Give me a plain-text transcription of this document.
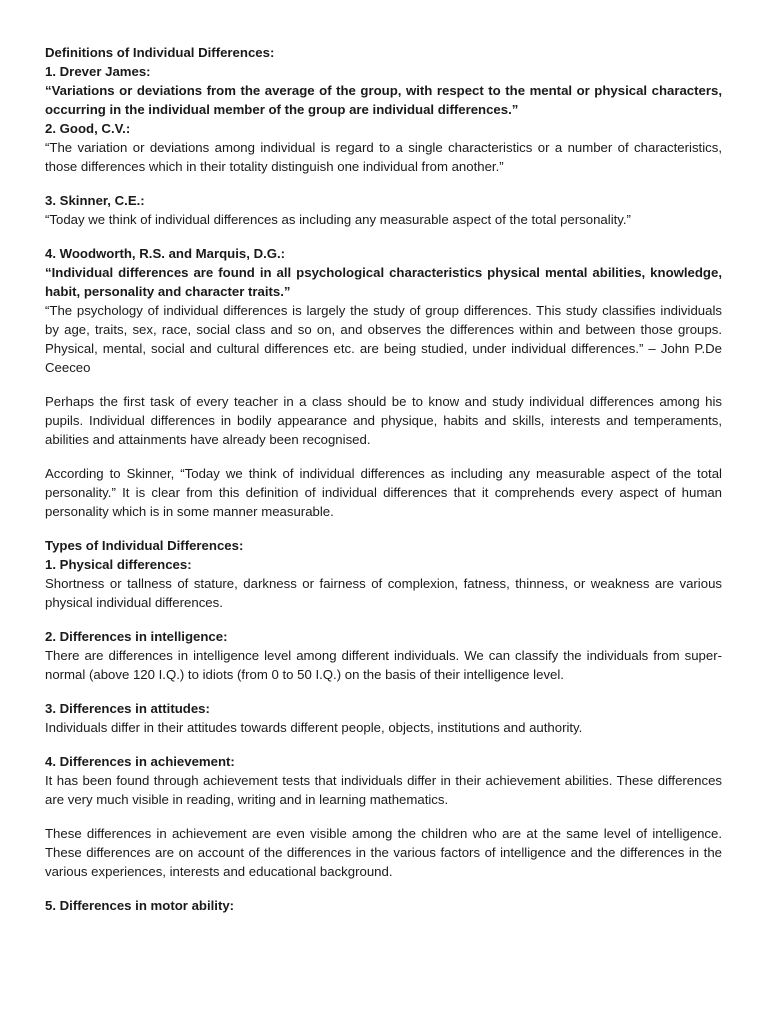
Definitions of Individual Differences:

1. Drever James:

“Variations or deviations from the average of the group, with respect to the mental or physical characters, occurring in the individual member of the group are individual differences.”

2. Good, C.V.:

“The variation or deviations among individual is regard to a single characteristics or a number of characteristics, those differences which in their totality distinguish one individual from another.”

3. Skinner, C.E.:

“Today we think of individual differences as including any measurable aspect of the total personality.”

4. Woodworth, R.S. and Marquis, D.G.:

“Individual differences are found in all psychological characteristics physical mental abilities, knowledge, habit, personality and character traits.”

“The psychology of individual differences is largely the study of group differences. This study classifies individuals by age, traits, sex, race, social class and so on, and observes the differences within and between those groups. Physical, mental, social and cultural differences etc. are being studied, under individual differences.” – John P.De Ceeceo

Perhaps the first task of every teacher in a class should be to know and study individual differences among his pupils. Individual differences in bodily appearance and physique, habits and skills, interests and temperaments, abilities and attainments have already been recognised.

According to Skinner, “Today we think of individual differences as including any measurable aspect of the total personality.” It is clear from this definition of individual differences that it comprehends every aspect of human personality which is in some manner measurable.

Types of Individual Differences:

1. Physical differences:

Shortness or tallness of stature, darkness or fairness of complexion, fatness, thinness, or weakness are various physical individual differences.

2. Differences in intelligence:

There are differences in intelligence level among different individuals. We can classify the individuals from super-normal (above 120 I.Q.) to idiots (from 0 to 50 I.Q.) on the basis of their intelligence level.

3. Differences in attitudes:

Individuals differ in their attitudes towards different people, objects, institutions and authority.

4. Differences in achievement:

It has been found through achievement tests that individuals differ in their achievement abilities. These differences are very much visible in reading, writing and in learning mathematics.

These differences in achievement are even visible among the children who are at the same level of intelligence. These differences are on account of the differences in the various factors of intelligence and the differences in the various experiences, interests and educational background.

5. Differences in motor ability:
